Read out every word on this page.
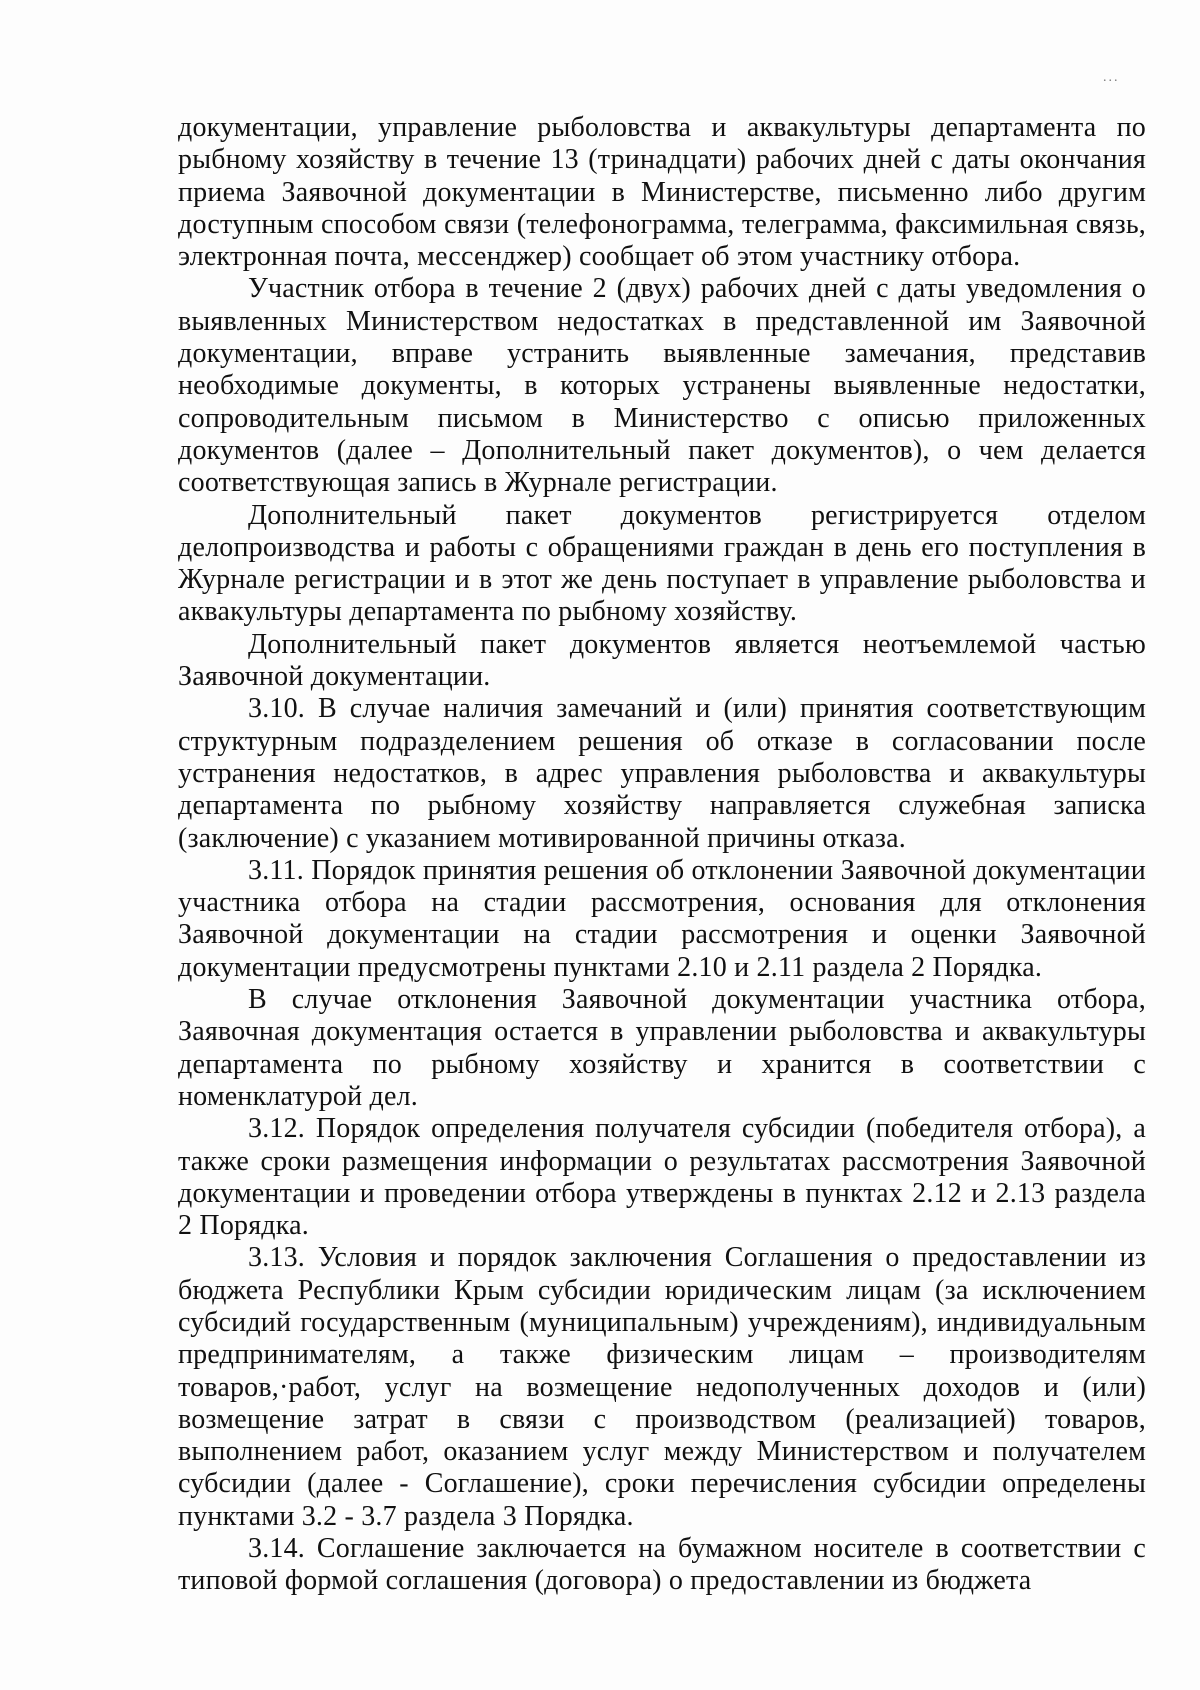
...

документации, управление рыболовства и аквакультуры департамента по рыбному хозяйству в течение 13 (тринадцати) рабочих дней с даты окончания приема Заявочной документации в Министерстве, письменно либо другим доступным способом связи (телефонограмма, телеграмма, факсимильная связь, электронная почта, мессенджер) сообщает об этом участнику отбора.

Участник отбора в течение 2 (двух) рабочих дней с даты уведомления о выявленных Министерством недостатках в представленной им Заявочной документации, вправе устранить выявленные замечания, представив необходимые документы, в которых устранены выявленные недостатки, сопроводительным письмом в Министерство с описью приложенных документов (далее – Дополнительный пакет документов), о чем делается соответствующая запись в Журнале регистрации.

Дополнительный пакет документов регистрируется отделом делопроизводства и работы с обращениями граждан в день его поступления в Журнале регистрации и в этот же день поступает в управление рыболовства и аквакультуры департамента по рыбному хозяйству.

Дополнительный пакет документов является неотъемлемой частью Заявочной документации.

3.10. В случае наличия замечаний и (или) принятия соответствующим структурным подразделением решения об отказе в согласовании после устранения недостатков, в адрес управления рыболовства и аквакультуры департамента по рыбному хозяйству направляется служебная записка (заключение) с указанием мотивированной причины отказа.

3.11. Порядок принятия решения об отклонении Заявочной документации участника отбора на стадии рассмотрения, основания для отклонения Заявочной документации на стадии рассмотрения и оценки Заявочной документации предусмотрены пунктами 2.10 и 2.11 раздела 2 Порядка.

В случае отклонения Заявочной документации участника отбора, Заявочная документация остается в управлении рыболовства и аквакультуры департамента по рыбному хозяйству и хранится в соответствии с номенклатурой дел.

3.12. Порядок определения получателя субсидии (победителя отбора), а также сроки размещения информации о результатах рассмотрения Заявочной документации и проведении отбора утверждены в пунктах 2.12 и 2.13 раздела 2 Порядка.

3.13. Условия и порядок заключения Соглашения о предоставлении из бюджета Республики Крым субсидии юридическим лицам (за исключением субсидий государственным (муниципальным) учреждениям), индивидуальным предпринимателям, а также физическим лицам – производителям товаров,·работ, услуг на возмещение недополученных доходов и (или) возмещение затрат в связи с производством (реализацией) товаров, выполнением работ, оказанием услуг между Министерством и получателем субсидии (далее - Соглашение), сроки перечисления субсидии определены пунктами 3.2 - 3.7 раздела 3 Порядка.

3.14. Соглашение заключается на бумажном носителе в соответствии с типовой формой соглашения (договора) о предоставлении из бюджета
